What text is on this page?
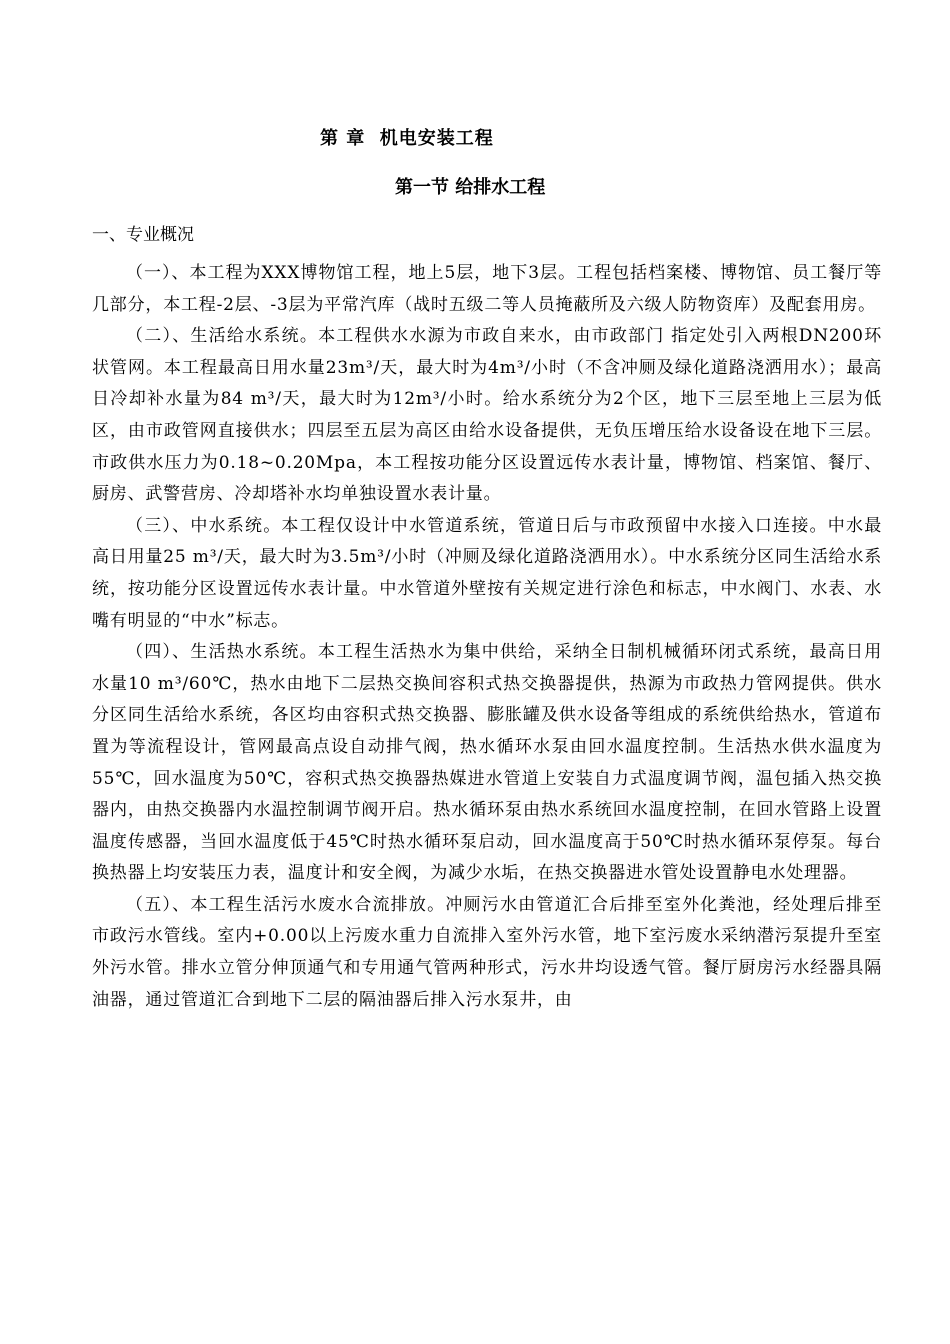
第 章  机电安装工程
第一节 给排水工程
一、专业概况

（一）、本工程为XXX博物馆工程，地上5层，地下3层。工程包括档案楼、博物馆、员工餐厅等几部分，本工程-2层、-3层为平常汽库（战时五级二等人员掩蔽所及六级人防物资库）及配套用房。

（二）、生活给水系统。本工程供水水源为市政自来水，由市政部门 指定处引入两根DN200环状管网。本工程最高日用水量23m³/天，最大时为4m³/小时（不含冲厕及绿化道路浇洒用水）；最高日冷却补水量为84 m³/天，最大时为12m³/小时。给水系统分为2个区，地下三层至地上三层为低区，由市政管网直接供水；四层至五层为高区由给水设备提供，无负压增压给水设备设在地下三层。市政供水压力为0.18~0.20Mpa，本工程按功能分区设置远传水表计量，博物馆、档案馆、餐厅、厨房、武警营房、冷却塔补水均单独设置水表计量。

（三）、中水系统。本工程仅设计中水管道系统，管道日后与市政预留中水接入口连接。中水最高日用量25 m³/天，最大时为3.5m³/小时（冲厕及绿化道路浇洒用水）。中水系统分区同生活给水系统，按功能分区设置远传水表计量。中水管道外壁按有关规定进行涂色和标志，中水阀门、水表、水嘴有明显的“中水”标志。

（四）、生活热水系统。本工程生活热水为集中供给，采纳全日制机械循环闭式系统，最高日用水量10 m³/60℃，热水由地下二层热交换间容积式热交换器提供，热源为市政热力管网提供。供水分区同生活给水系统，各区均由容积式热交换器、膨胀罐及供水设备等组成的系统供给热水，管道布置为等流程设计，管网最高点设自动排气阀，热水循环水泵由回水温度控制。生活热水供水温度为55℃，回水温度为50℃，容积式热交换器热媒进水管道上安装自力式温度调节阀，温包插入热交换器内，由热交换器内水温控制调节阀开启。热水循环泵由热水系统回水温度控制，在回水管路上设置温度传感器，当回水温度低于45℃时热水循环泵启动，回水温度高于50℃时热水循环泵停泵。每台换热器上均安装压力表，温度计和安全阀，为减少水垢，在热交换器进水管处设置静电水处理器。

（五）、本工程生活污水废水合流排放。冲厕污水由管道汇合后排至室外化粪池，经处理后排至市政污水管线。室内+0.00以上污废水重力自流排入室外污水管，地下室污废水采纳潜污泵提升至室外污水管。排水立管分伸顶通气和专用通气管两种形式，污水井均设透气管。餐厅厨房污水经器具隔油器，通过管道汇合到地下二层的隔油器后排入污水泵井，由
